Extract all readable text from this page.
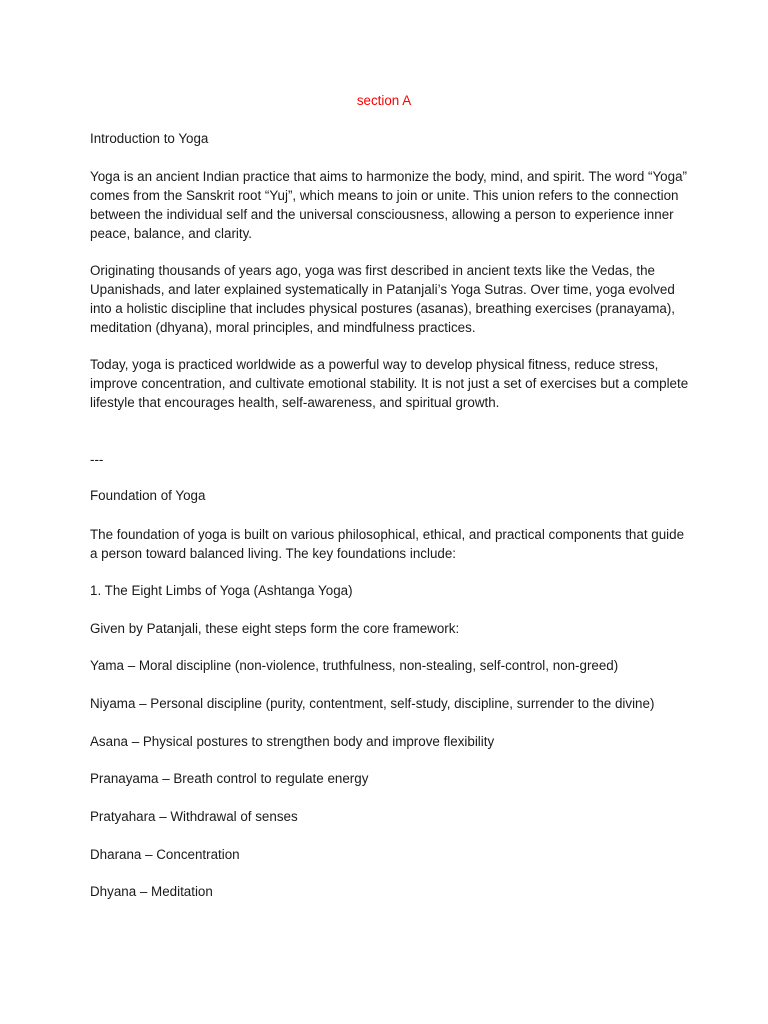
section A
Introduction to Yoga
Yoga is an ancient Indian practice that aims to harmonize the body, mind, and spirit. The word “Yoga” comes from the Sanskrit root “Yuj”, which means to join or unite. This union refers to the connection between the individual self and the universal consciousness, allowing a person to experience inner peace, balance, and clarity.
Originating thousands of years ago, yoga was first described in ancient texts like the Vedas, the Upanishads, and later explained systematically in Patanjali’s Yoga Sutras. Over time, yoga evolved into a holistic discipline that includes physical postures (asanas), breathing exercises (pranayama), meditation (dhyana), moral principles, and mindfulness practices.
Today, yoga is practiced worldwide as a powerful way to develop physical fitness, reduce stress, improve concentration, and cultivate emotional stability. It is not just a set of exercises but a complete lifestyle that encourages health, self-awareness, and spiritual growth.
---
Foundation of Yoga
The foundation of yoga is built on various philosophical, ethical, and practical components that guide a person toward balanced living. The key foundations include:
1. The Eight Limbs of Yoga (Ashtanga Yoga)
Given by Patanjali, these eight steps form the core framework:
Yama – Moral discipline (non-violence, truthfulness, non-stealing, self-control, non-greed)
Niyama – Personal discipline (purity, contentment, self-study, discipline, surrender to the divine)
Asana – Physical postures to strengthen body and improve flexibility
Pranayama – Breath control to regulate energy
Pratyahara – Withdrawal of senses
Dharana – Concentration
Dhyana – Meditation
